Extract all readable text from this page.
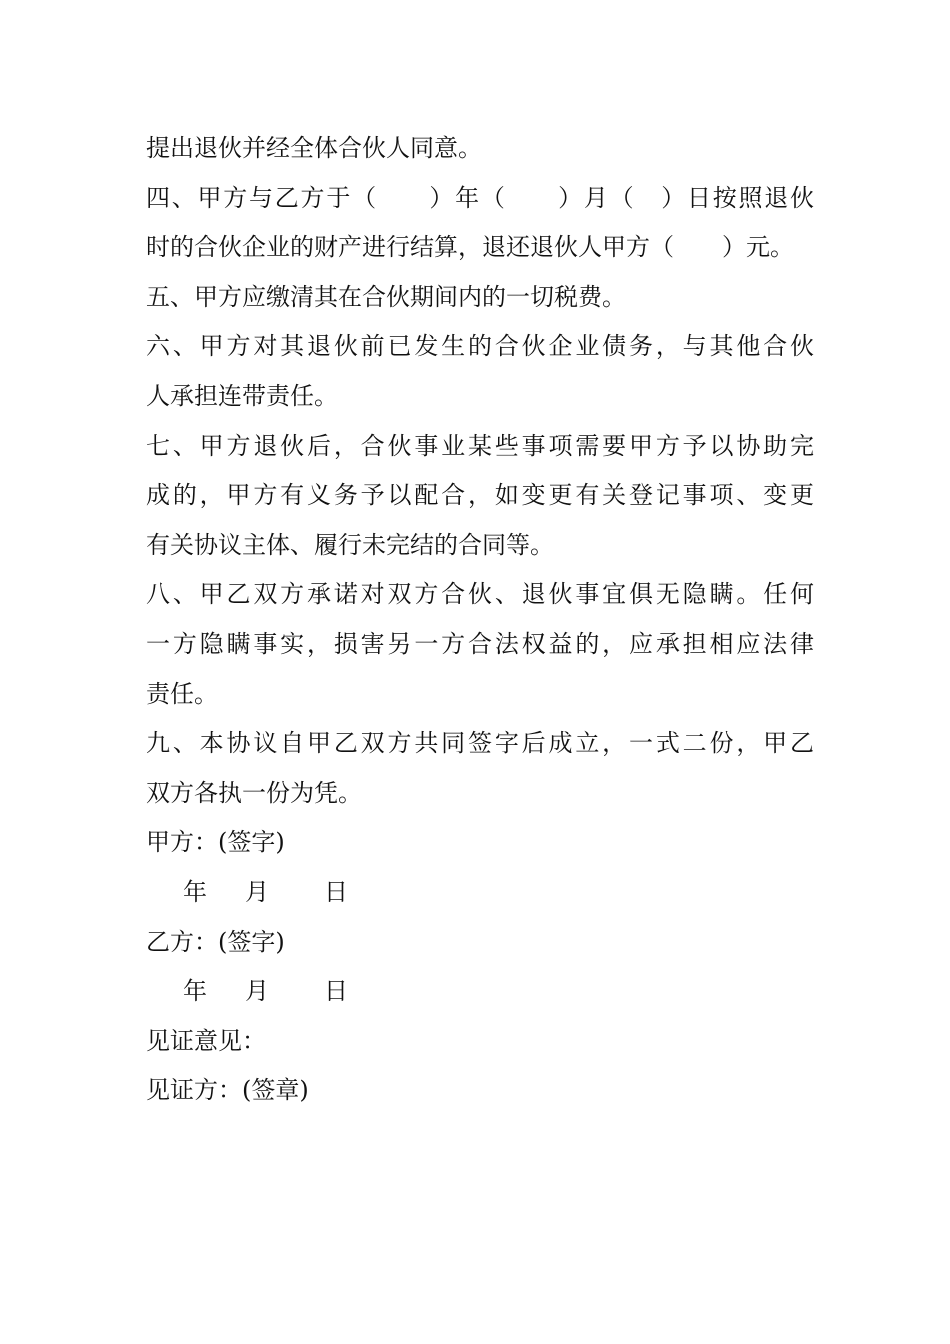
提出退伙并经全体合伙人同意。
四、甲方与乙方于（　　）年（　　）月（　）日按照退伙
时的合伙企业的财产进行结算，退还退伙人甲方（　　）元。
五、甲方应缴清其在合伙期间内的一切税费。
六、甲方对其退伙前已发生的合伙企业债务，与其他合伙
人承担连带责任。
七、甲方退伙后，合伙事业某些事项需要甲方予以协助完
成的，甲方有义务予以配合，如变更有关登记事项、变更
有关协议主体、履行未完结的合同等。
八、甲乙双方承诺对双方合伙、退伙事宜俱无隐瞒。任何
一方隐瞒事实，损害另一方合法权益的，应承担相应法律
责任。
九、本协议自甲乙双方共同签字后成立，一式二份，甲乙
双方各执一份为凭。
甲方：(签字)
年 月 日
乙方：(签字)
年 月 日
见证意见：
见证方：(签章)
